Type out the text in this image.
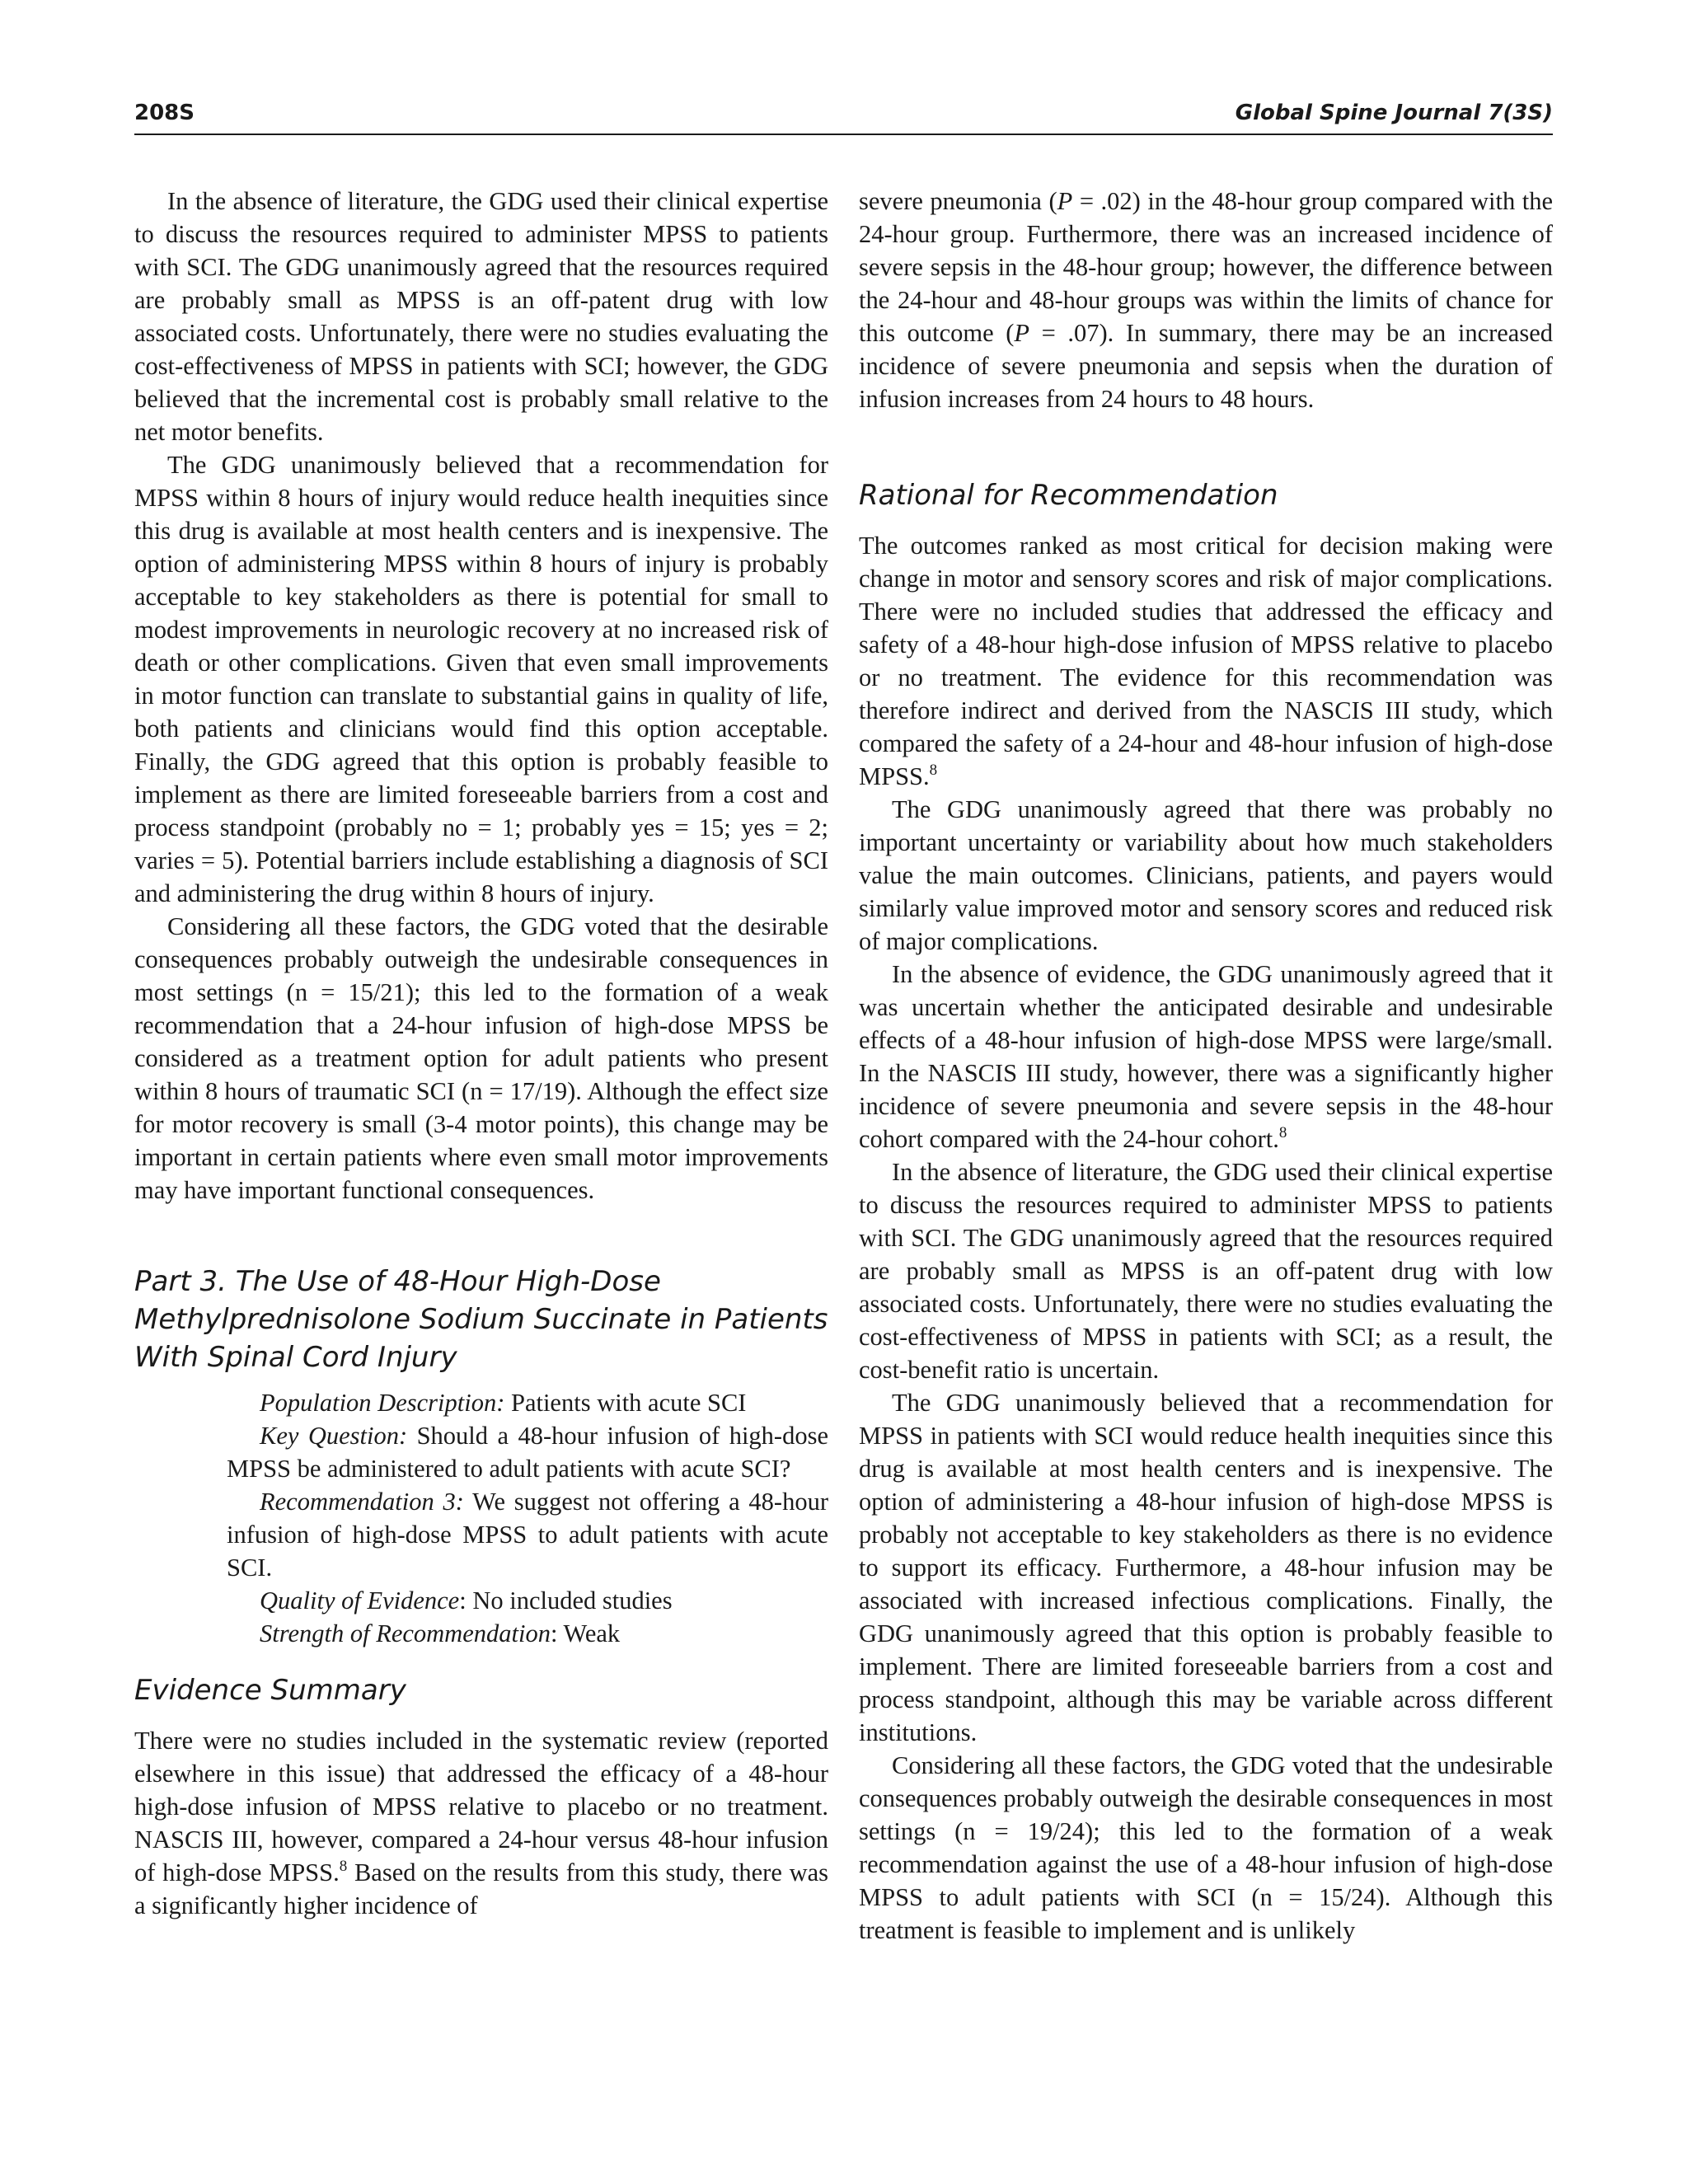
208S	Global Spine Journal 7(3S)

In the absence of literature, the GDG used their clinical expertise to discuss the resources required to administer MPSS to patients with SCI. The GDG unanimously agreed that the resources required are probably small as MPSS is an off-patent drug with low associated costs. Unfortunately, there were no studies evaluating the cost-effectiveness of MPSS in patients with SCI; however, the GDG believed that the incremental cost is probably small relative to the net motor benefits.

The GDG unanimously believed that a recommendation for MPSS within 8 hours of injury would reduce health inequities since this drug is available at most health centers and is inexpensive. The option of administering MPSS within 8 hours of injury is probably acceptable to key stakeholders as there is potential for small to modest improvements in neurologic recovery at no increased risk of death or other complications. Given that even small improvements in motor function can translate to substantial gains in quality of life, both patients and clinicians would find this option acceptable. Finally, the GDG agreed that this option is probably feasible to implement as there are limited foreseeable barriers from a cost and process standpoint (probably no = 1; probably yes = 15; yes = 2; varies = 5). Potential barriers include establishing a diagnosis of SCI and administering the drug within 8 hours of injury.

Considering all these factors, the GDG voted that the desirable consequences probably outweigh the undesirable consequences in most settings (n = 15/21); this led to the formation of a weak recommendation that a 24-hour infusion of high-dose MPSS be considered as a treatment option for adult patients who present within 8 hours of traumatic SCI (n = 17/19). Although the effect size for motor recovery is small (3-4 motor points), this change may be important in certain patients where even small motor improvements may have important functional consequences.

Part 3. The Use of 48-Hour High-Dose
Methylprednisolone Sodium Succinate in Patients
With Spinal Cord Injury

Population Description: Patients with acute SCI

Key Question: Should a 48-hour infusion of high-dose MPSS be administered to adult patients with acute SCI?

Recommendation 3: We suggest not offering a 48-hour infusion of high-dose MPSS to adult patients with acute SCI.

Quality of Evidence: No included studies

Strength of Recommendation: Weak

Evidence Summary

There were no studies included in the systematic review (reported elsewhere in this issue) that addressed the efficacy of a 48-hour high-dose infusion of MPSS relative to placebo or no treatment. NASCIS III, however, compared a 24-hour versus 48-hour infusion of high-dose MPSS.$^8$ Based on the results from this study, there was a significantly higher incidence of

severe pneumonia (P = .02) in the 48-hour group compared with the 24-hour group. Furthermore, there was an increased incidence of severe sepsis in the 48-hour group; however, the difference between the 24-hour and 48-hour groups was within the limits of chance for this outcome (P = .07). In summary, there may be an increased incidence of severe pneumonia and sepsis when the duration of infusion increases from 24 hours to 48 hours.

Rational for Recommendation

The outcomes ranked as most critical for decision making were change in motor and sensory scores and risk of major complications. There were no included studies that addressed the efficacy and safety of a 48-hour high-dose infusion of MPSS relative to placebo or no treatment. The evidence for this recommendation was therefore indirect and derived from the NASCIS III study, which compared the safety of a 24-hour and 48-hour infusion of high-dose MPSS.$^8$

The GDG unanimously agreed that there was probably no important uncertainty or variability about how much stakeholders value the main outcomes. Clinicians, patients, and payers would similarly value improved motor and sensory scores and reduced risk of major complications.

In the absence of evidence, the GDG unanimously agreed that it was uncertain whether the anticipated desirable and undesirable effects of a 48-hour infusion of high-dose MPSS were large/small. In the NASCIS III study, however, there was a significantly higher incidence of severe pneumonia and severe sepsis in the 48-hour cohort compared with the 24-hour cohort.$^8$

In the absence of literature, the GDG used their clinical expertise to discuss the resources required to administer MPSS to patients with SCI. The GDG unanimously agreed that the resources required are probably small as MPSS is an off-patent drug with low associated costs. Unfortunately, there were no studies evaluating the cost-effectiveness of MPSS in patients with SCI; as a result, the cost-benefit ratio is uncertain.

The GDG unanimously believed that a recommendation for MPSS in patients with SCI would reduce health inequities since this drug is available at most health centers and is inexpensive. The option of administering a 48-hour infusion of high-dose MPSS is probably not acceptable to key stakeholders as there is no evidence to support its efficacy. Furthermore, a 48-hour infusion may be associated with increased infectious complications. Finally, the GDG unanimously agreed that this option is probably feasible to implement. There are limited foreseeable barriers from a cost and process standpoint, although this may be variable across different institutions.

Considering all these factors, the GDG voted that the undesirable consequences probably outweigh the desirable consequences in most settings (n = 19/24); this led to the formation of a weak recommendation against the use of a 48-hour infusion of high-dose MPSS to adult patients with SCI (n = 15/24). Although this treatment is feasible to implement and is unlikely
